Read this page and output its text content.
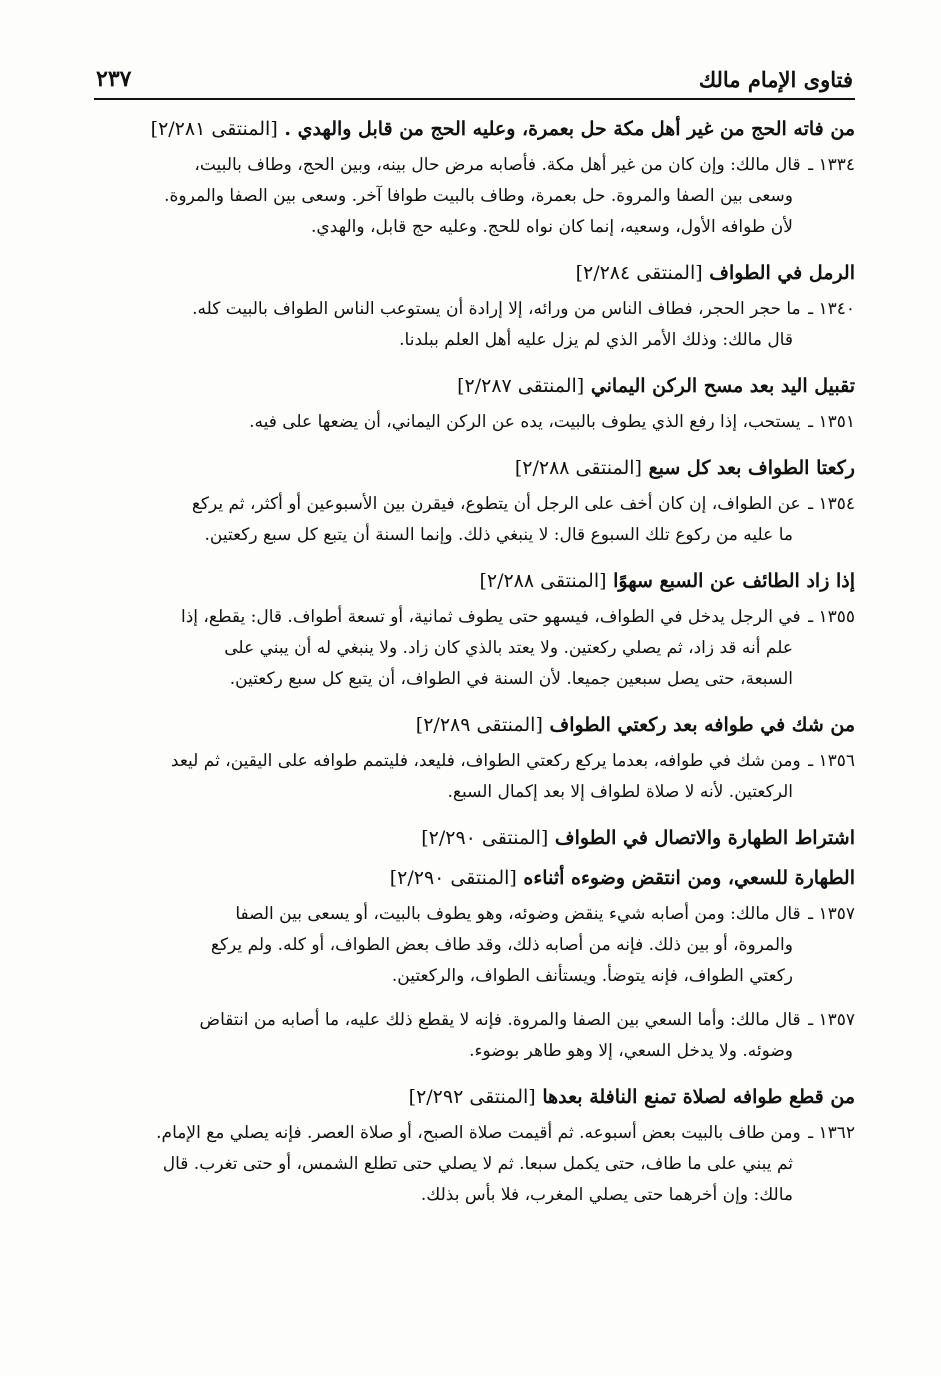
فتاوى الإمام مالك
٢٣٧
من فاته الحج من غير أهل مكة حل بعمرة، وعليه الحج من قابل والهدي . [المنتقى ٢/٢٨١]
١٣٣٤ ـ قال مالك: وإن كان من غير أهل مكة. فأصابه مرض حال بينه، وبين الحج، وطاف بالبيت،
وسعى بين الصفا والمروة. حل بعمرة، وطاف بالبيت طوافا آخر. وسعى بين الصفا والمروة.
لأن طوافه الأول، وسعيه، إنما كان نواه للحج. وعليه حج قابل، والهدي.
الرمل في الطواف [المنتقى ٢/٢٨٤]
١٣٤٠ ـ ما حجر الحجر، فطاف الناس من ورائه، إلا إرادة أن يستوعب الناس الطواف بالبيت كله.
قال مالك: وذلك الأمر الذي لم يزل عليه أهل العلم ببلدنا.
تقبيل اليد بعد مسح الركن اليماني [المنتقى ٢/٢٨٧]
١٣٥١ ـ يستحب، إذا رفع الذي يطوف بالبيت، يده عن الركن اليماني، أن يضعها على فيه.
ركعتا الطواف بعد كل سبع [المنتقى ٢/٢٨٨]
١٣٥٤ ـ عن الطواف، إن كان أخف على الرجل أن يتطوع، فيقرن بين الأسبوعين أو أكثر، ثم يركع
ما عليه من ركوع تلك السبوع قال: لا ينبغي ذلك. وإنما السنة أن يتبع كل سبع ركعتين.
إذا زاد الطائف عن السبع سهوًا [المنتقى ٢/٢٨٨]
١٣٥٥ ـ في الرجل يدخل في الطواف، فيسهو حتى يطوف ثمانية، أو تسعة أطواف. قال: يقطع، إذا
علم أنه قد زاد، ثم يصلي ركعتين. ولا يعتد بالذي كان زاد. ولا ينبغي له أن يبني على
السبعة، حتى يصل سبعين جميعا. لأن السنة في الطواف، أن يتبع كل سبع ركعتين.
من شك في طوافه بعد ركعتي الطواف [المنتقى ٢/٢٨٩]
١٣٥٦ ـ ومن شك في طوافه، بعدما يركع ركعتي الطواف، فليعد، فليتمم طوافه على اليقين، ثم ليعد
الركعتين. لأنه لا صلاة لطواف إلا بعد إكمال السبع.
اشتراط الطهارة والاتصال في الطواف [المنتقى ٢/٢٩٠]
الطهارة للسعي، ومن انتقض وضوءه أثناءه [المنتقى ٢/٢٩٠]
١٣٥٧ ـ قال مالك: ومن أصابه شيء ينقض وضوئه، وهو يطوف بالبيت، أو يسعى بين الصفا
والمروة، أو بين ذلك. فإنه من أصابه ذلك، وقد طاف بعض الطواف، أو كله. ولم يركع
ركعتي الطواف، فإنه يتوضأ. ويستأنف الطواف، والركعتين.
١٣٥٧ ـ قال مالك: وأما السعي بين الصفا والمروة. فإنه لا يقطع ذلك عليه، ما أصابه من انتقاض
وضوئه. ولا يدخل السعي، إلا وهو طاهر بوضوء.
من قطع طوافه لصلاة تمنع النافلة بعدها [المنتقى ٢/٢٩٢]
١٣٦٢ ـ ومن طاف بالبيت بعض أسبوعه. ثم أقيمت صلاة الصبح، أو صلاة العصر. فإنه يصلي مع الإمام.
ثم يبني على ما طاف، حتى يكمل سبعا. ثم لا يصلي حتى تطلع الشمس، أو حتى تغرب. قال
مالك: وإن أخرهما حتى يصلي المغرب، فلا بأس بذلك.
